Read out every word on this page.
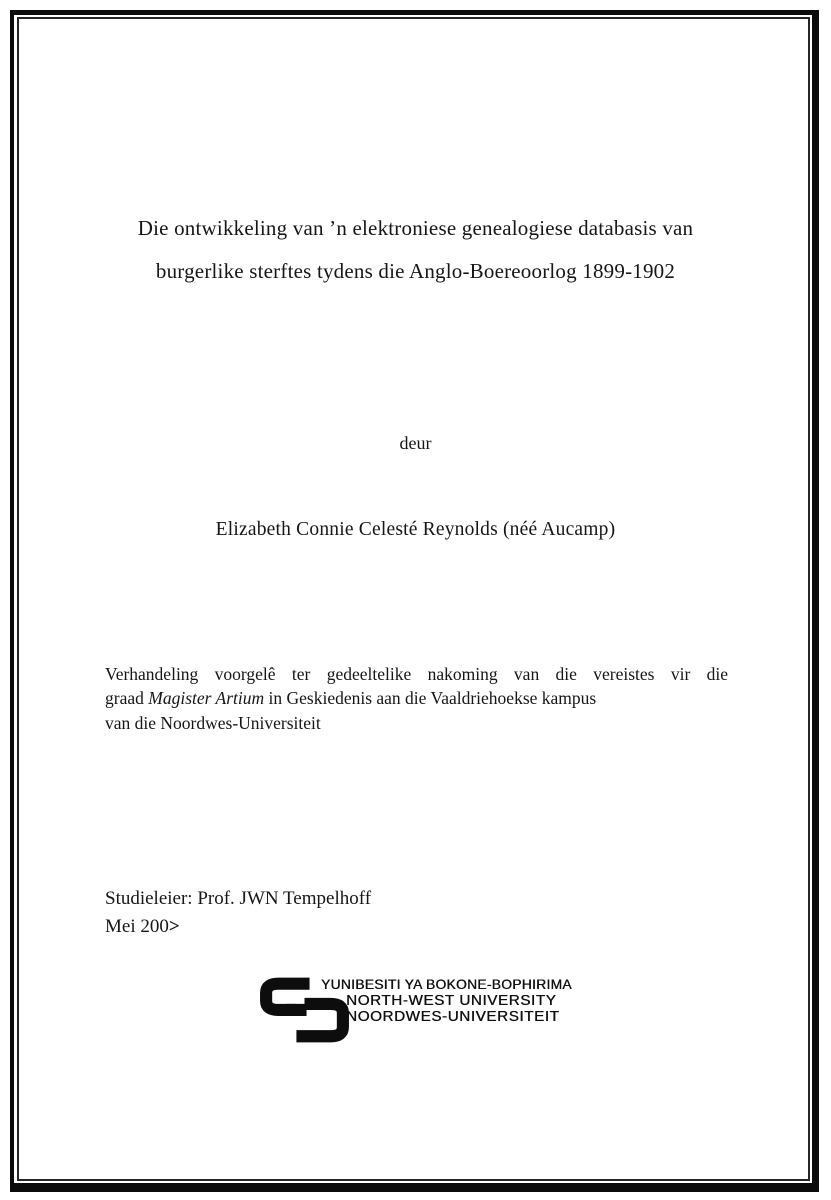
Die ontwikkeling van ’n elektroniese genealogiese databasis van
burgerlike sterftes tydens die Anglo-Boereoorlog 1899-1902
deur
Elizabeth Connie Celesté Reynolds (néé Aucamp)
Verhandeling voorgelê ter gedeeltelike nakoming van die vereistes vir die
graad Magister Artium in Geskiedenis aan die Vaaldriehoekse kampus
van die Noordwes-Universiteit
Studieleier: Prof. JWN Tempelhoff
Mei 200>
YUNIBESITI YA BOKONE-BOPHIRIMA
NORTH-WEST UNIVERSITY
NOORDWES-UNIVERSITEIT
